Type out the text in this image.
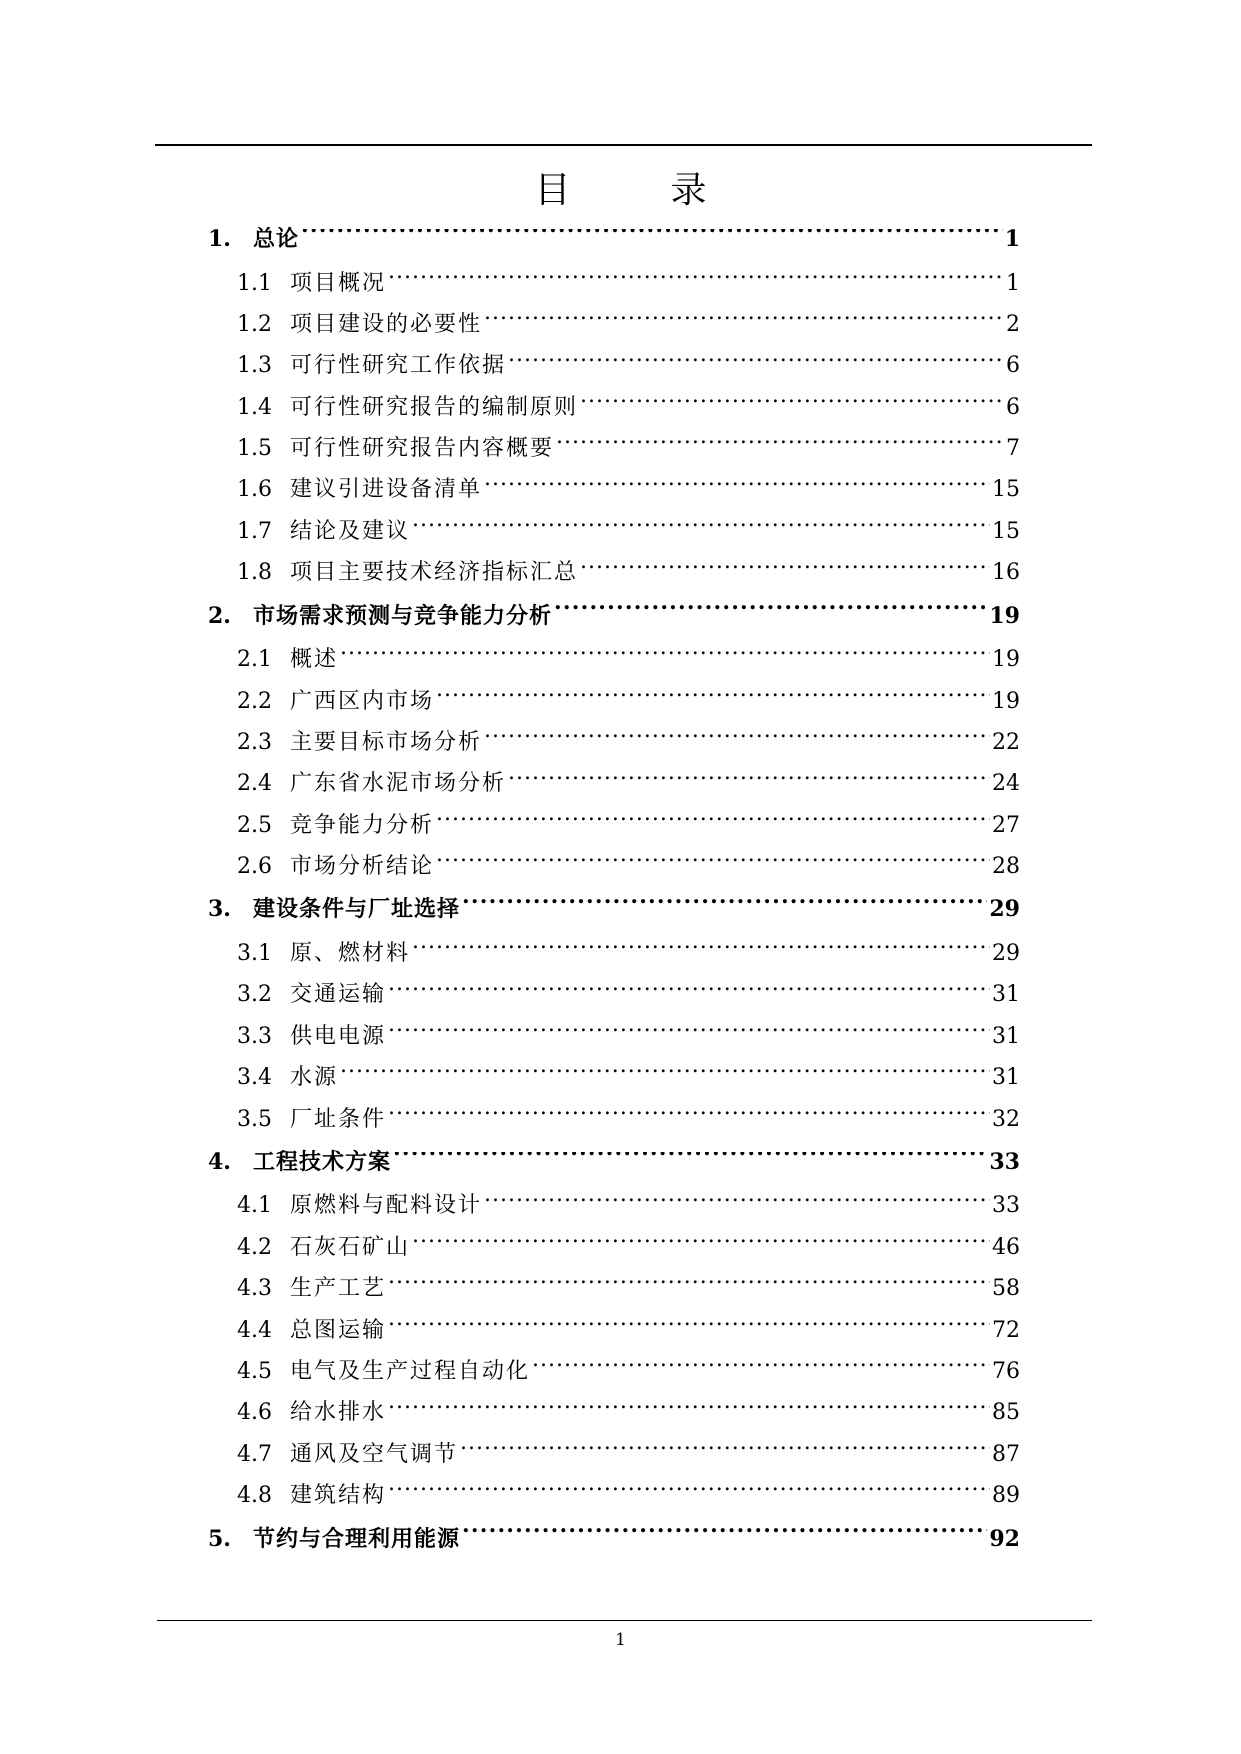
目	录
1.	总论 .....	1
1.1 项目概况 .....	1
1.2 项目建设的必要性 .....	2
1.3 可行性研究工作依据 .....	6
1.4 可行性研究报告的编制原则 .....	6
1.5 可行性研究报告内容概要 .....	7
1.6 建议引进设备清单 .....	15
1.7 结论及建议 .....	15
1.8 项目主要技术经济指标汇总 .....	16
2.	市场需求预测与竞争能力分析 .....	19
2.1 概述 .....	19
2.2 广西区内市场 .....	19
2.3 主要目标市场分析 .....	22
2.4 广东省水泥市场分析 .....	24
2.5 竞争能力分析 .....	27
2.6 市场分析结论 .....	28
3.	建设条件与厂址选择 .....	29
3.1 原、燃材料 .....	29
3.2 交通运输 .....	31
3.3 供电电源 .....	31
3.4 水源 .....	31
3.5 厂址条件 .....	32
4.	工程技术方案 .....	33
4.1 原燃料与配料设计 .....	33
4.2 石灰石矿山 .....	46
4.3 生产工艺 .....	58
4.4 总图运输 .....	72
4.5 电气及生产过程自动化 .....	76
4.6 给水排水 .....	85
4.7 通风及空气调节 .....	87
4.8 建筑结构 .....	89
5.	节约与合理利用能源 .....	92
1
